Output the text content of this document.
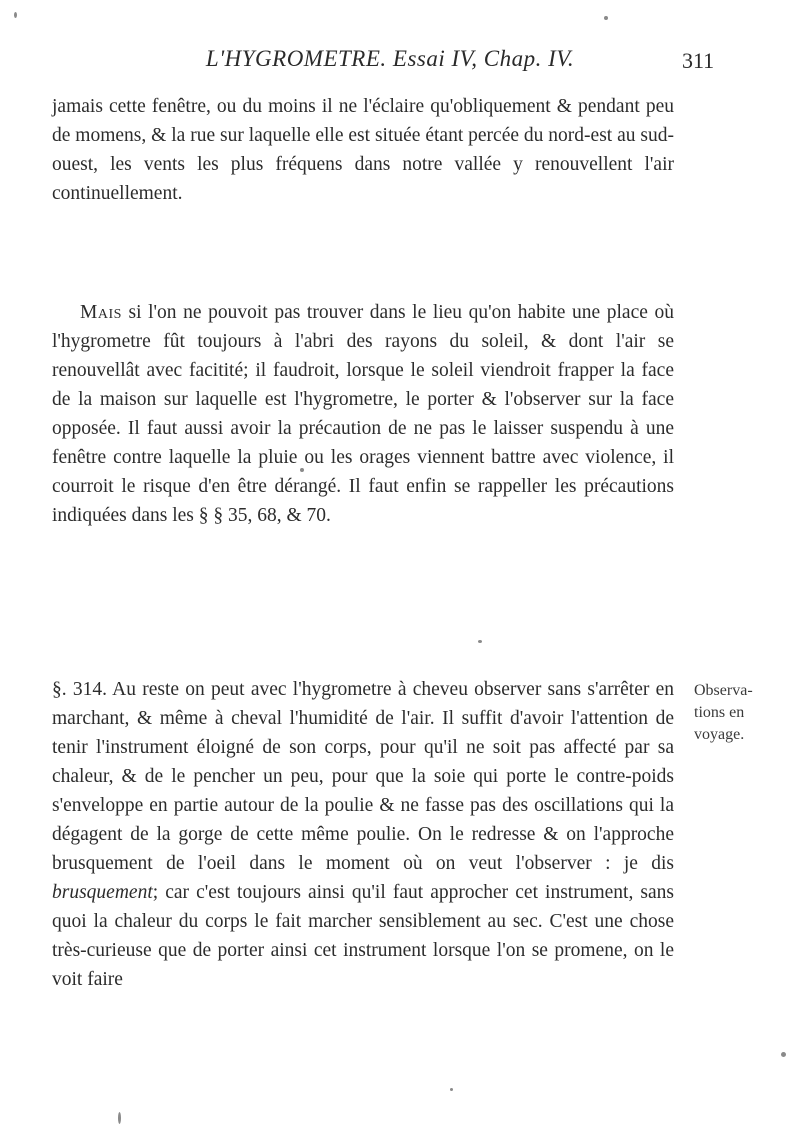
L'HYGROMETRE. Essai IV, Chap. IV.	311

jamais cette fenêtre, ou du moins il ne l'éclaire qu'obliquement & pendant peu de momens, & la rue sur laquelle elle est située étant percée du nord-est au sud-ouest, les vents les plus fréquens dans notre vallée y renouvellent l'air continuellement.

Mais si l'on ne pouvoit pas trouver dans le lieu qu'on habite une place où l'hygrometre fût toujours à l'abri des rayons du soleil, & dont l'air se renouvellât avec facitité; il faudroit, lorsque le soleil viendroit frapper la face de la maison sur laquelle est l'hygrometre, le porter & l'observer sur la face opposée. Il faut aussi avoir la précaution de ne pas le laisser suspendu à une fenêtre contre laquelle la pluie ou les orages viennent battre avec violence, il courroit le risque d'en être dérangé. Il faut enfin se rappeller les précautions indiquées dans les § § 35, 68, & 70.

§. 314. Au reste on peut avec l'hygrometre à cheveu observer sans s'arrêter en marchant, & même à cheval l'humidité de l'air. Il suffit d'avoir l'attention de tenir l'instrument éloigné de son corps, pour qu'il ne soit pas affecté par sa chaleur, & de le pencher un peu, pour que la soie qui porte le contre-poids s'enveloppe en partie autour de la poulie & ne fasse pas des oscillations qui la dégagent de la gorge de cette même poulie. On le redresse & on l'approche brusquement de l'oeil dans le moment où on veut l'observer : je dis brusquement; car c'est toujours ainsi qu'il faut approcher cet instrument, sans quoi la chaleur du corps le fait marcher sensiblement au sec. C'est une chose très-curieuse que de porter ainsi cet instrument lorsque l'on se promene, on le voit faire

Observa-
tions en
voyage.
